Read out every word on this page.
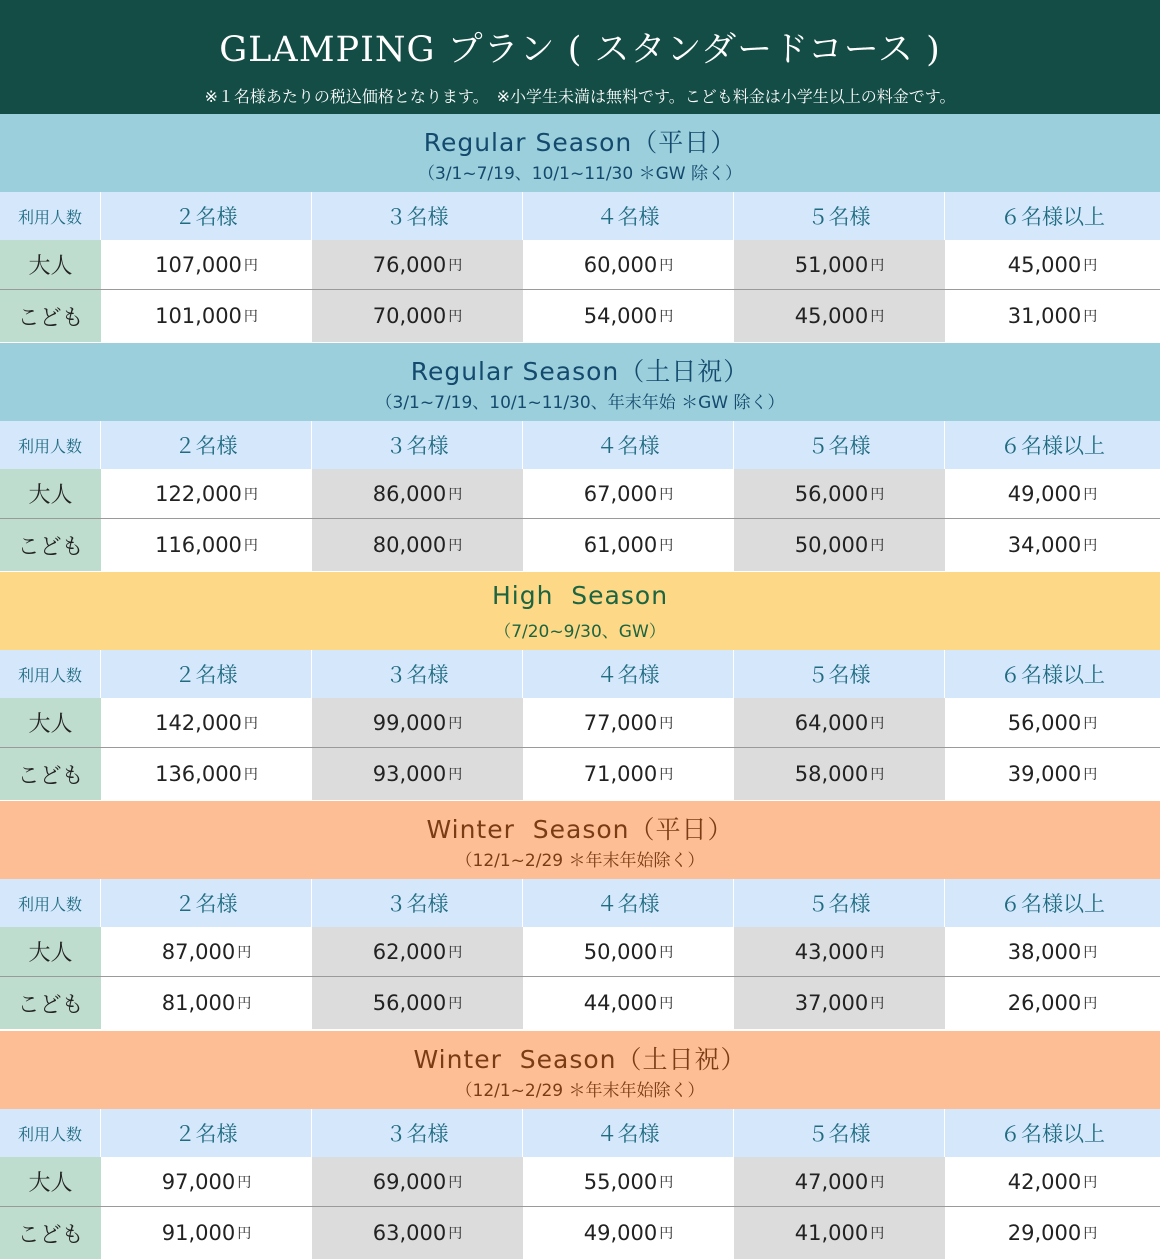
GLAMPING プラン ( スタンダードコース )
※１名様あたりの税込価格となります。　※小学生未満は無料です。こども料金は小学生以上の料金です。
Regular Season（平日）
（3/1~7/19、10/1~11/30 ＊GW 除く）
利用人数	２名様	３名様	４名様	５名様	６名様以上
大人	107,000 円	76,000 円	60,000 円	51,000 円	45,000 円
こども	101,000 円	70,000 円	54,000 円	45,000 円	31,000 円
Regular Season（土日祝）
（3/1~7/19、10/1~11/30、年末年始 ＊GW 除く）
利用人数	２名様	３名様	４名様	５名様	６名様以上
大人	122,000 円	86,000 円	67,000 円	56,000 円	49,000 円
こども	116,000 円	80,000 円	61,000 円	50,000 円	34,000 円
High  Season
（7/20~9/30、GW）
利用人数	２名様	３名様	４名様	５名様	６名様以上
大人	142,000 円	99,000 円	77,000 円	64,000 円	56,000 円
こども	136,000 円	93,000 円	71,000 円	58,000 円	39,000 円
Winter  Season（平日）
（12/1~2/29 ＊年末年始除く）
利用人数	２名様	３名様	４名様	５名様	６名様以上
大人	87,000 円	62,000 円	50,000 円	43,000 円	38,000 円
こども	81,000 円	56,000 円	44,000 円	37,000 円	26,000 円
Winter  Season（土日祝）
（12/1~2/29 ＊年末年始除く）
利用人数	２名様	３名様	４名様	５名様	６名様以上
大人	97,000 円	69,000 円	55,000 円	47,000 円	42,000 円
こども	91,000 円	63,000 円	49,000 円	41,000 円	29,000 円
